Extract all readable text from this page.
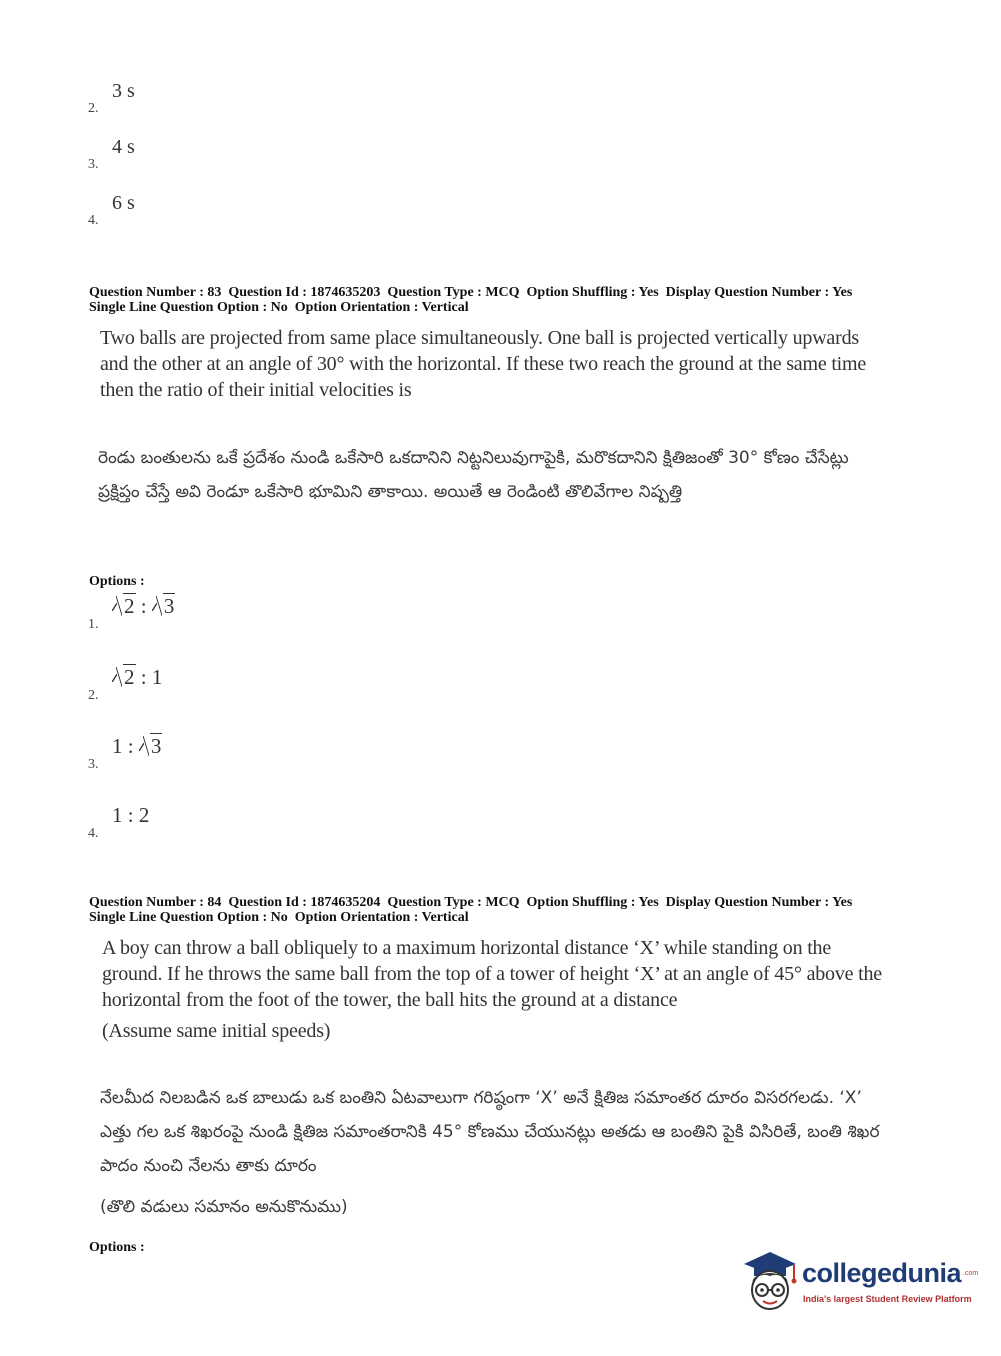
2.
3 s
3.
4 s
4.
6 s
Question Number : 83  Question Id : 1874635203  Question Type : MCQ  Option Shuffling : Yes  Display Question Number : Yes
Single Line Question Option : No  Option Orientation : Vertical
Two balls are projected from same place simultaneously. One ball is projected vertically upwards and the other at an angle of 30° with the horizontal. If these two reach the ground at the same time then the ratio of their initial velocities is
రెండు బంతులను ఒకే ప్రదేశం నుండి ఒకేసారి ఒకదానిని నిట్టనిలువుగాపైకి, మరొకదానిని క్షితిజంతో 30° కోణం చేసేట్లు ప్రక్షిప్తం చేస్తే అవి రెండూ ఒకేసారి భూమిని తాకాయి. అయితే ఆ రెండింటి తొలివేగాల నిష్పత్తి
Options :
1.
2 : 3
2.
2 : 1
3.
1 : 3
4.
1 : 2
Question Number : 84  Question Id : 1874635204  Question Type : MCQ  Option Shuffling : Yes  Display Question Number : Yes
Single Line Question Option : No  Option Orientation : Vertical
A boy can throw a ball obliquely to a maximum horizontal distance ‘X’ while standing on the ground. If he throws the same ball from the top of a tower of height ‘X’ at an angle of 45° above the horizontal from the foot of the tower, the ball hits the ground at a distance
(Assume same initial speeds)
నేలమీద నిలబడిన ఒక బాలుడు ఒక బంతిని ఏటవాలుగా గరిష్ఠంగా ‘X’ అనే క్షితిజ సమాంతర దూరం విసరగలడు. ‘X’ ఎత్తు గల ఒక శిఖరంపై నుండి క్షితిజ సమాంతరానికి 45° కోణము చేయునట్లు అతడు ఆ బంతిని పైకి విసిరితే, బంతి శిఖర పాదం నుంచి నేలను తాకు దూరం
(తొలి వడులు సమానం అనుకొనుము)
Options :
collegedunia .com
India's largest Student Review Platform
